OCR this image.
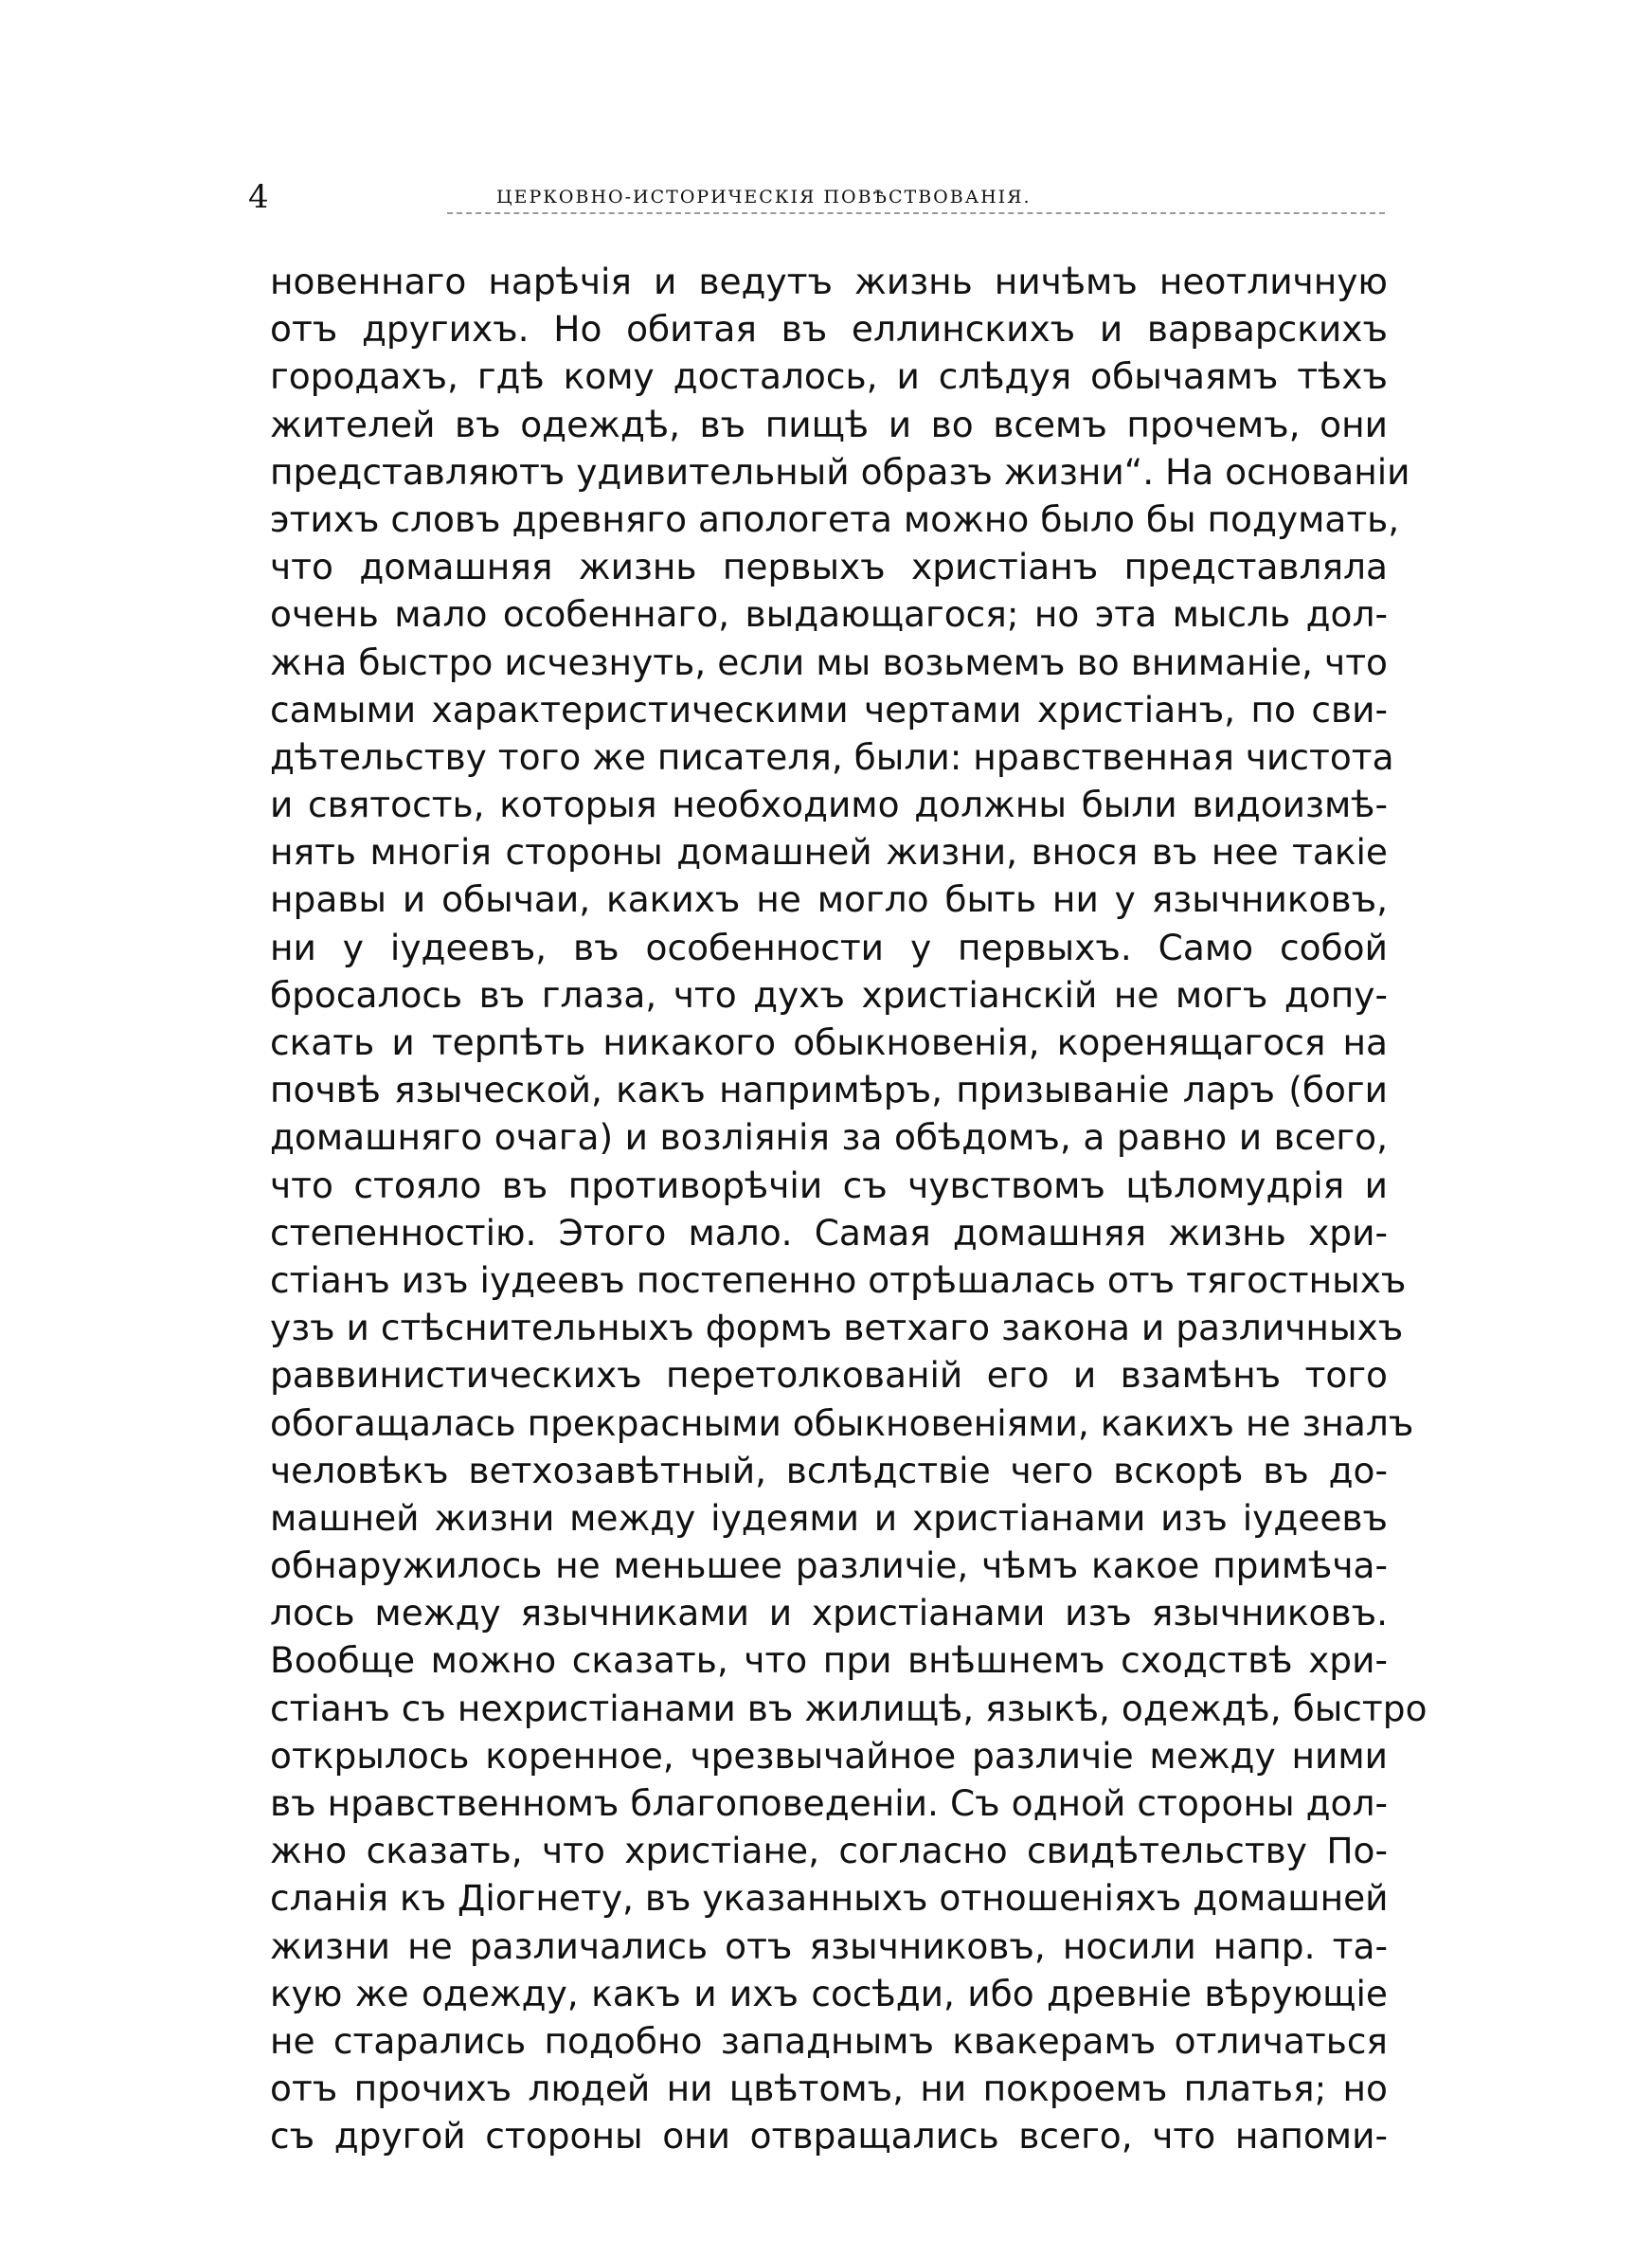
4	ЦЕРКОВНО-ИСТОРИЧЕСКІЯ ПОВѢСТВОВАНІЯ.
новеннаго нарѣчія и ведутъ жизнь ничѣмъ неотличную
отъ другихъ. Но обитая въ еллинскихъ и варварскихъ
городахъ, гдѣ кому досталось, и слѣдуя обычаямъ тѣхъ
жителей въ одеждѣ, въ пищѣ и во всемъ прочемъ, они
представляютъ удивительный образъ жизни“. На основаніи
этихъ словъ древняго апологета можно было бы подумать,
что домашняя жизнь первыхъ христіанъ представляла
очень мало особеннаго, выдающагося; но эта мысль дол-
жна быстро исчезнуть, если мы возьмемъ во вниманіе, что
самыми характеристическими чертами христіанъ, по сви-
дѣтельству того же писателя, были: нравственная чистота
и святость, которыя необходимо должны были видоизмѣ-
нять многія стороны домашней жизни, внося въ нее такіе
нравы и обычаи, какихъ не могло быть ни у язычниковъ,
ни у іудеевъ, въ особенности у первыхъ. Само собой
бросалось въ глаза, что духъ христіанскій не могъ допу-
скать и терпѣть никакого обыкновенія, коренящагося на
почвѣ языческой, какъ напримѣръ, призываніе ларъ (боги
домашняго очага) и возліянія за обѣдомъ, а равно и всего,
что стояло въ противорѣчіи съ чувствомъ цѣломудрія и
степенностію. Этого мало. Самая домашняя жизнь хри-
стіанъ изъ іудеевъ постепенно отрѣшалась отъ тягостныхъ
узъ и стѣснительныхъ формъ ветхаго закона и различныхъ
раввинистическихъ перетолкованій его и взамѣнъ того
обогащалась прекрасными обыкновеніями, какихъ не зналъ
человѣкъ ветхозавѣтный, вслѣдствіе чего вскорѣ въ до-
машней жизни между іудеями и христіанами изъ іудеевъ
обнаружилось не меньшее различіе, чѣмъ какое примѣча-
лось между язычниками и христіанами изъ язычниковъ.
Вообще можно сказать, что при внѣшнемъ сходствѣ хри-
стіанъ съ нехристіанами въ жилищѣ, языкѣ, одеждѣ, быстро
открылось коренное, чрезвычайное различіе между ними
въ нравственномъ благоповеденіи. Съ одной стороны дол-
жно сказать, что христіане, согласно свидѣтельству По-
сланія къ Діогнету, въ указанныхъ отношеніяхъ домашней
жизни не различались отъ язычниковъ, носили напр. та-
кую же одежду, какъ и ихъ сосѣди, ибо древніе вѣрующіе
не старались подобно западнымъ квакерамъ отличаться
отъ прочихъ людей ни цвѣтомъ, ни покроемъ платья; но
съ другой стороны они отвращались всего, что напоми-
